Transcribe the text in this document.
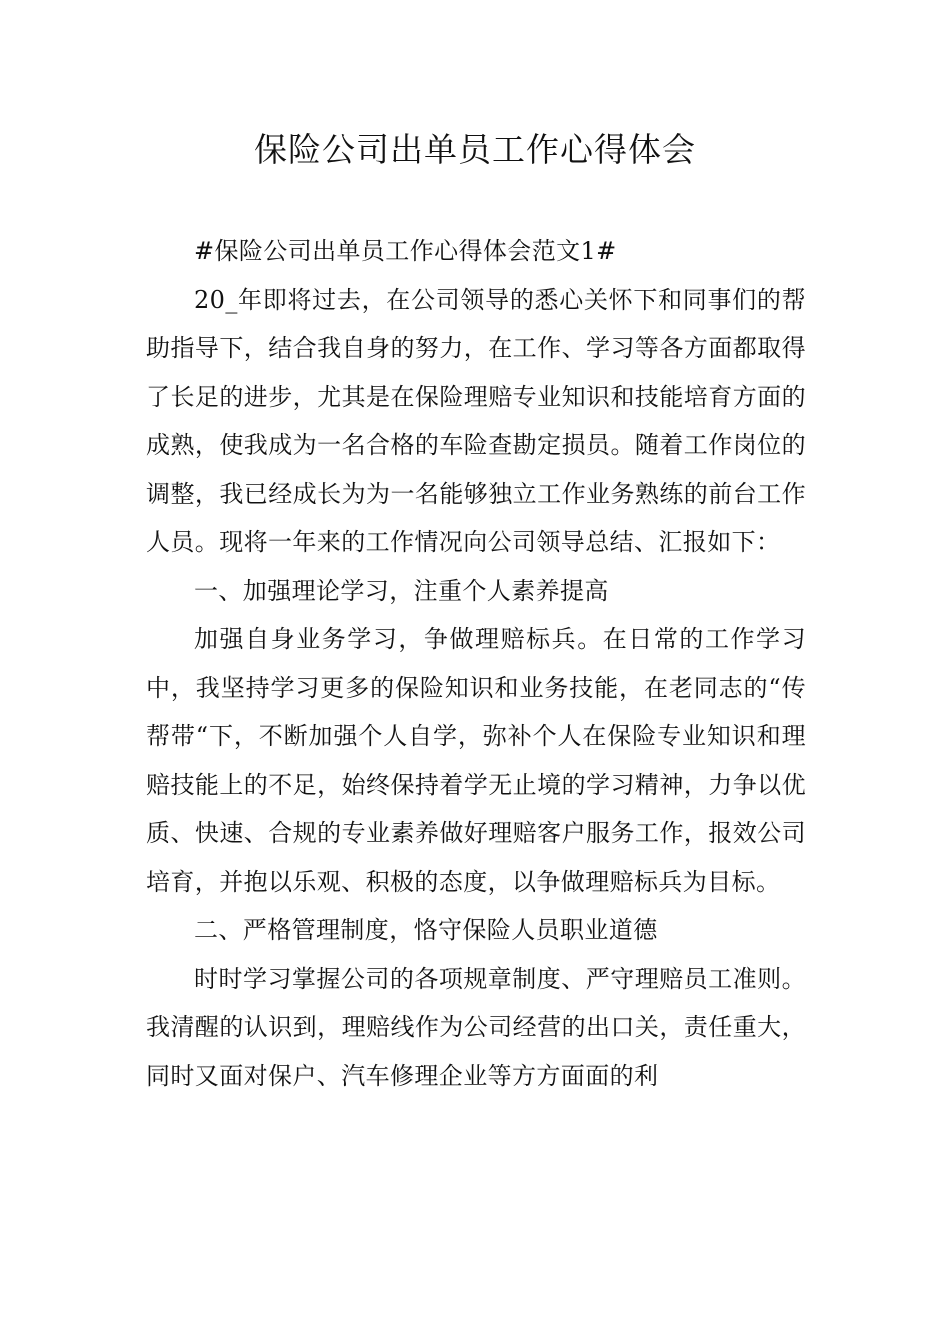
保险公司出单员工作心得体会

#保险公司出单员工作心得体会范文1#

20_年即将过去，在公司领导的悉心关怀下和同事们的帮助指导下，结合我自身的努力，在工作、学习等各方面都取得了长足的进步，尤其是在保险理赔专业知识和技能培育方面的成熟，使我成为一名合格的车险查勘定损员。随着工作岗位的调整，我已经成长为为一名能够独立工作业务熟练的前台工作人员。现将一年来的工作情况向公司领导总结、汇报如下：

一、加强理论学习，注重个人素养提高

加强自身业务学习，争做理赔标兵。在日常的工作学习中，我坚持学习更多的保险知识和业务技能，在老同志的“传帮带“下，不断加强个人自学，弥补个人在保险专业知识和理赔技能上的不足，始终保持着学无止境的学习精神，力争以优质、快速、合规的专业素养做好理赔客户服务工作，报效公司培育，并抱以乐观、积极的态度，以争做理赔标兵为目标。

二、严格管理制度，恪守保险人员职业道德

时时学习掌握公司的各项规章制度、严守理赔员工准则。我清醒的认识到，理赔线作为公司经营的出口关，责任重大，同时又面对保户、汽车修理企业等方方面面的利
